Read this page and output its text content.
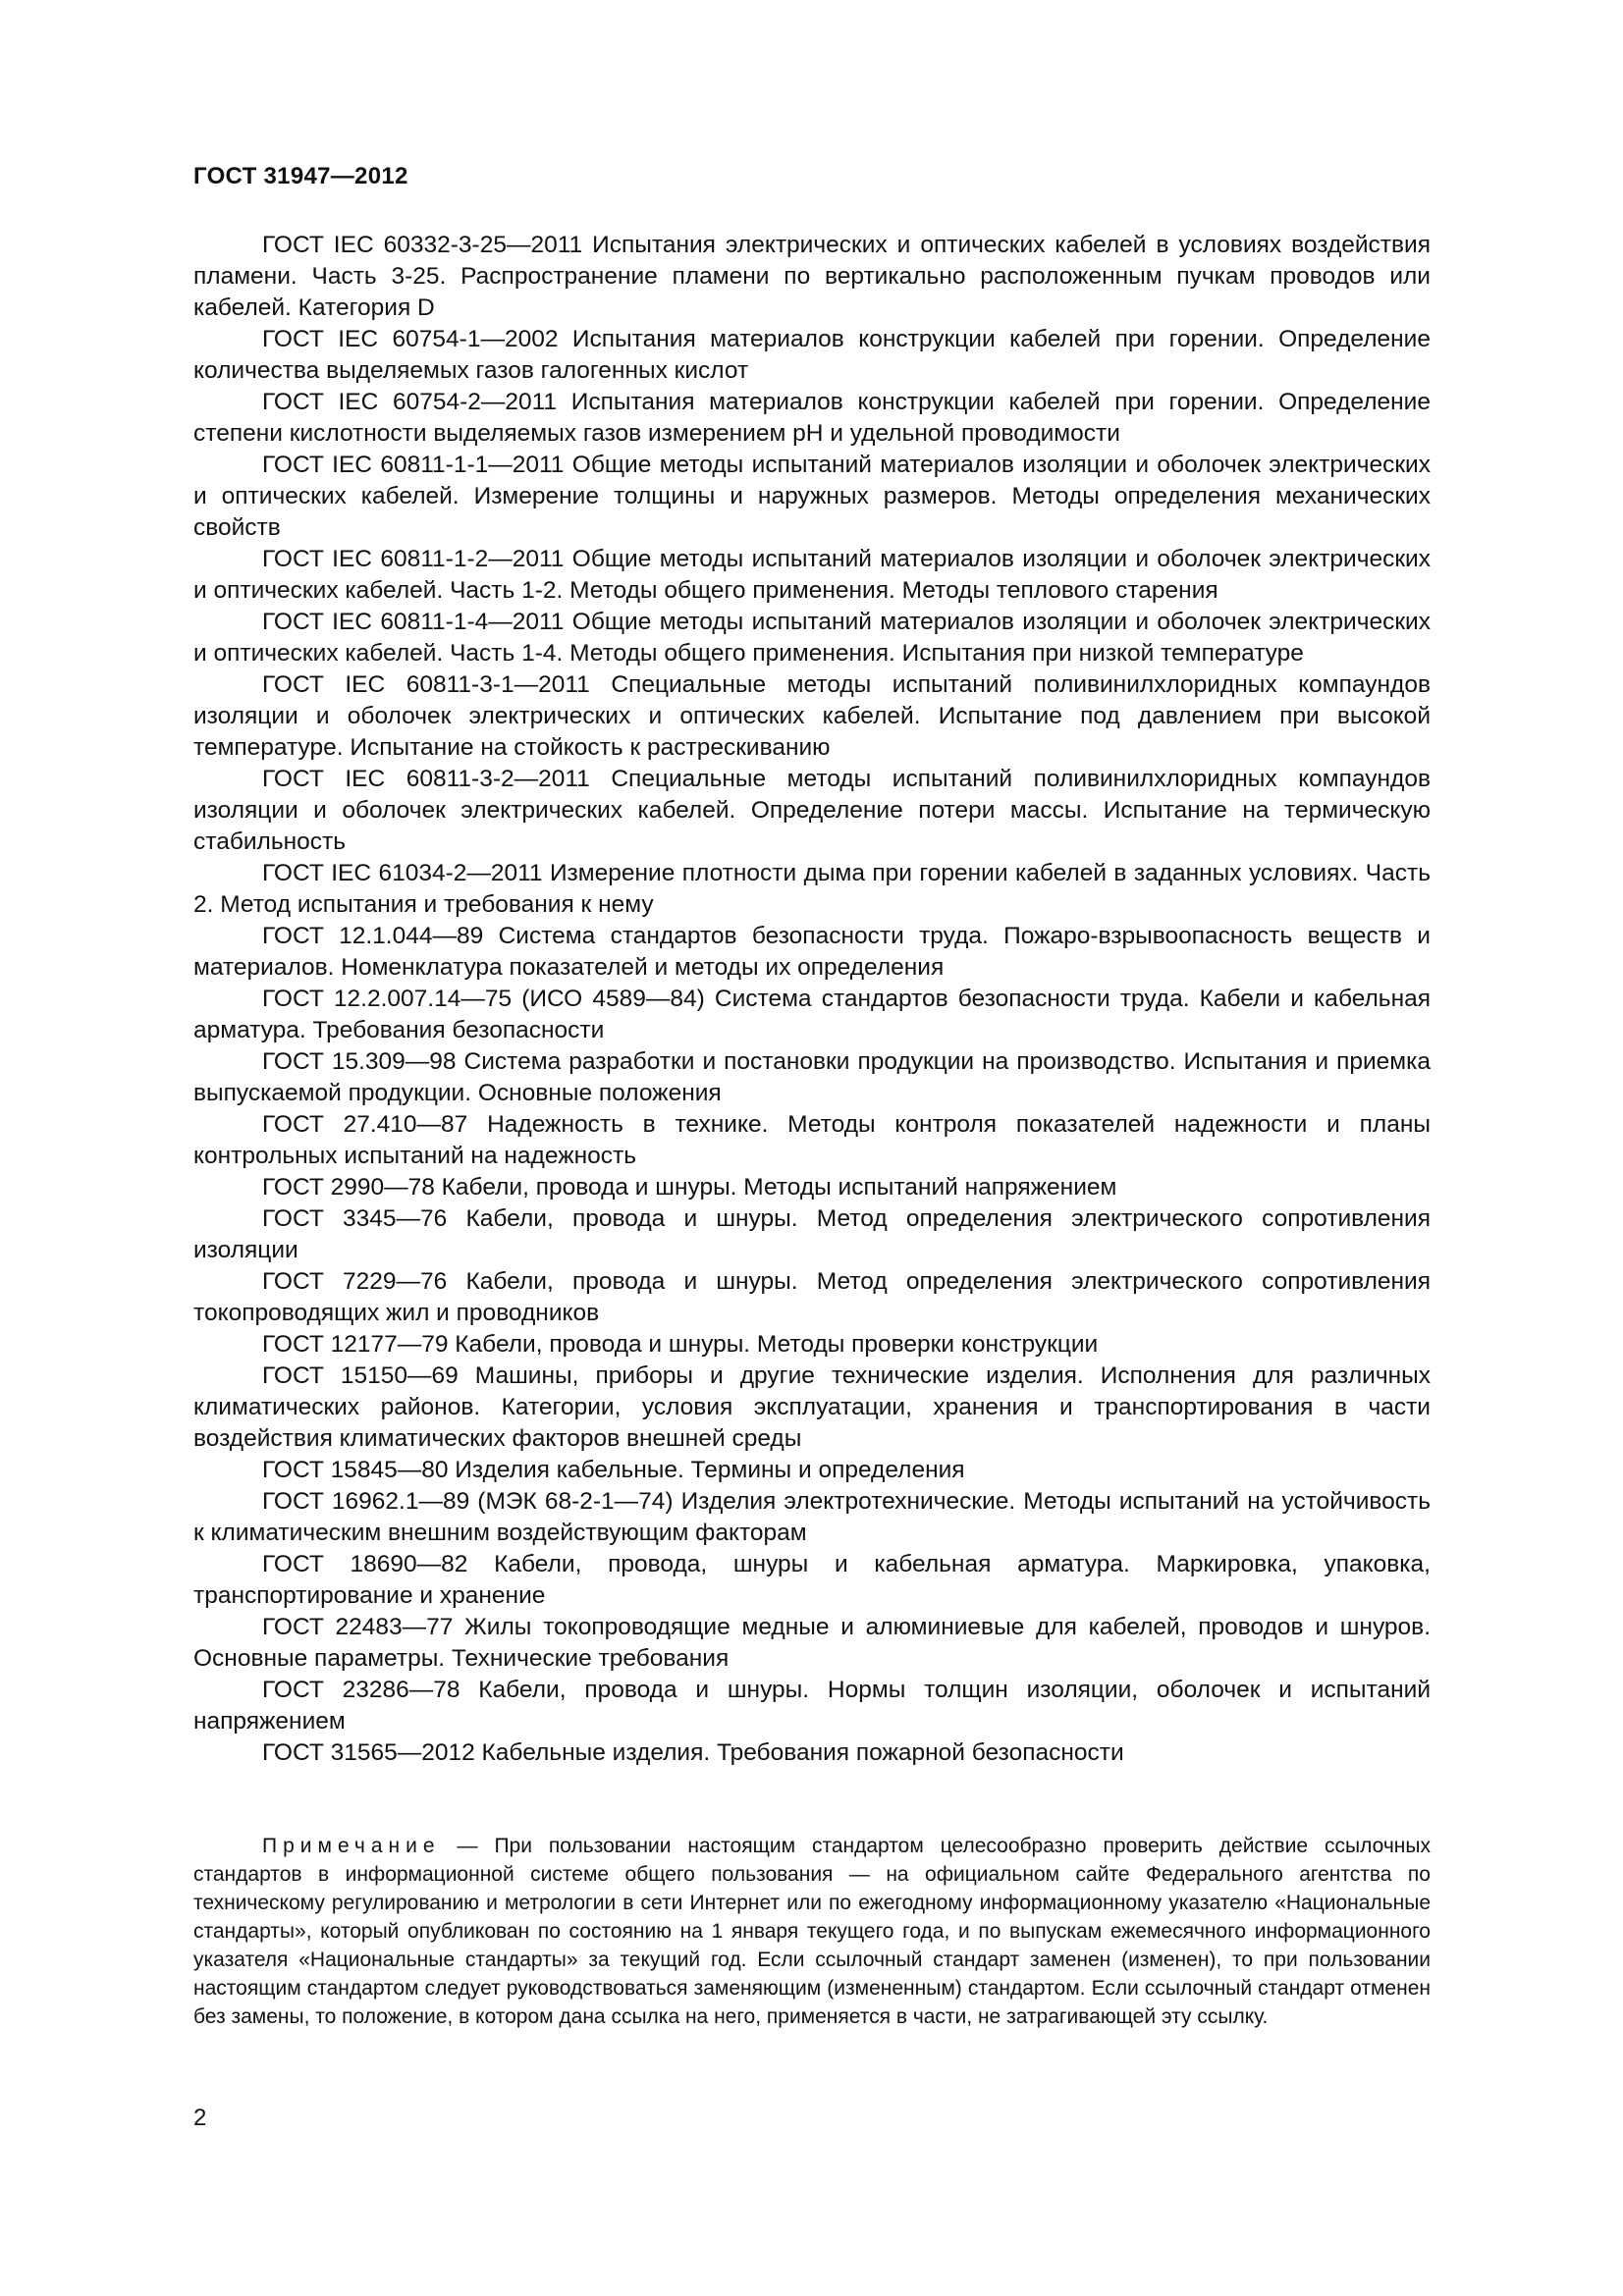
ГОСТ 31947—2012

ГОСТ IEC 60332-3-25—2011 Испытания электрических и оптических кабелей в условиях воздействия пламени. Часть 3-25. Распространение пламени по вертикально расположенным пучкам проводов или кабелей. Категория D

ГОСТ IEC 60754-1—2002 Испытания материалов конструкции кабелей при горении. Определение количества выделяемых газов галогенных кислот

ГОСТ IEC 60754-2—2011 Испытания материалов конструкции кабелей при горении. Определение степени кислотности выделяемых газов измерением pH и удельной проводимости

ГОСТ IEC 60811-1-1—2011 Общие методы испытаний материалов изоляции и оболочек электрических и оптических кабелей. Измерение толщины и наружных размеров. Методы определения механических свойств

ГОСТ IEC 60811-1-2—2011 Общие методы испытаний материалов изоляции и оболочек электрических и оптических кабелей. Часть 1-2. Методы общего применения. Методы теплового старения

ГОСТ IEC 60811-1-4—2011 Общие методы испытаний материалов изоляции и оболочек электрических и оптических кабелей. Часть 1-4. Методы общего применения. Испытания при низкой температуре

ГОСТ IEC 60811-3-1—2011 Специальные методы испытаний поливинилхлоридных компаундов изоляции и оболочек электрических и оптических кабелей. Испытание под давлением при высокой температуре. Испытание на стойкость к растрескиванию

ГОСТ IEC 60811-3-2—2011 Специальные методы испытаний поливинилхлоридных компаундов изоляции и оболочек электрических кабелей. Определение потери массы. Испытание на термическую стабильность

ГОСТ IEC 61034-2—2011 Измерение плотности дыма при горении кабелей в заданных условиях. Часть 2. Метод испытания и требования к нему

ГОСТ 12.1.044—89 Система стандартов безопасности труда. Пожаро-взрывоопасность веществ и материалов. Номенклатура показателей и методы их определения

ГОСТ 12.2.007.14—75 (ИСО 4589—84) Система стандартов безопасности труда. Кабели и кабельная арматура. Требования безопасности

ГОСТ 15.309—98 Система разработки и постановки продукции на производство. Испытания и приемка выпускаемой продукции. Основные положения

ГОСТ 27.410—87 Надежность в технике. Методы контроля показателей надежности и планы контрольных испытаний на надежность

ГОСТ 2990—78 Кабели, провода и шнуры. Методы испытаний напряжением

ГОСТ 3345—76 Кабели, провода и шнуры. Метод определения электрического сопротивления изоляции

ГОСТ 7229—76 Кабели, провода и шнуры. Метод определения электрического сопротивления токопроводящих жил и проводников

ГОСТ 12177—79 Кабели, провода и шнуры. Методы проверки конструкции

ГОСТ 15150—69 Машины, приборы и другие технические изделия. Исполнения для различных климатических районов. Категории, условия эксплуатации, хранения и транспортирования в части воздействия климатических факторов внешней среды

ГОСТ 15845—80 Изделия кабельные. Термины и определения

ГОСТ 16962.1—89 (МЭК 68-2-1—74) Изделия электротехнические. Методы испытаний на устойчивость к климатическим внешним воздействующим факторам

ГОСТ 18690—82 Кабели, провода, шнуры и кабельная арматура. Маркировка, упаковка, транспортирование и хранение

ГОСТ 22483—77 Жилы токопроводящие медные и алюминиевые для кабелей, проводов и шнуров. Основные параметры. Технические требования

ГОСТ 23286—78 Кабели, провода и шнуры. Нормы толщин изоляции, оболочек и испытаний напряжением

ГОСТ 31565—2012 Кабельные изделия. Требования пожарной безопасности

Примечание — При пользовании настоящим стандартом целесообразно проверить действие ссылочных стандартов в информационной системе общего пользования — на официальном сайте Федерального агентства по техническому регулированию и метрологии в сети Интернет или по ежегодному информационному указателю «Национальные стандарты», который опубликован по состоянию на 1 января текущего года, и по выпускам ежемесячного информационного указателя «Национальные стандарты» за текущий год. Если ссылочный стандарт заменен (изменен), то при пользовании настоящим стандартом следует руководствоваться заменяющим (измененным) стандартом. Если ссылочный стандарт отменен без замены, то положение, в котором дана ссылка на него, применяется в части, не затрагивающей эту ссылку.

2
